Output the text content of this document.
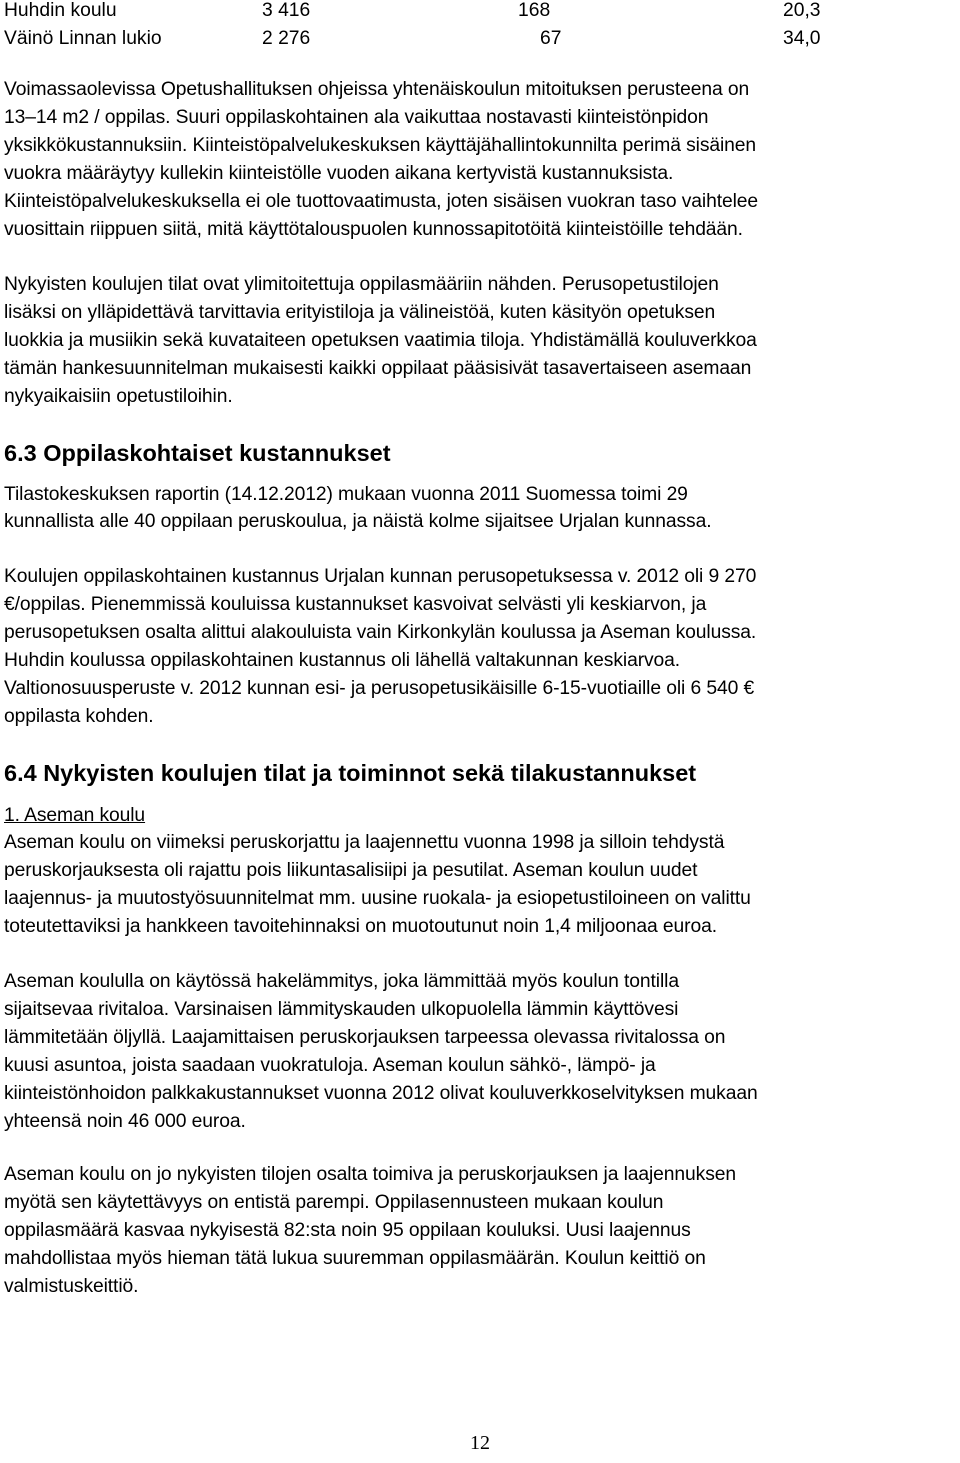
Huhdin koulu	3 416	168	20,3
Väinö Linnan lukio	2 276	67	34,0
Voimassaolevissa Opetushallituksen ohjeissa yhtenäiskoulun mitoituksen perusteena on
13–14 m2 / oppilas. Suuri oppilaskohtainen ala vaikuttaa nostavasti kiinteistönpidon
yksikkökustannuksiin. Kiinteistöpalvelukeskuksen käyttäjähallintokunnilta perimä sisäinen
vuokra määräytyy kullekin kiinteistölle vuoden aikana kertyvistä kustannuksista.
Kiinteistöpalvelukeskuksella ei ole tuottovaatimusta, joten sisäisen vuokran taso vaihtelee
vuosittain riippuen siitä, mitä käyttötalouspuolen kunnossapitotöitä kiinteistöille tehdään.
Nykyisten koulujen tilat ovat ylimitoitettuja oppilasmääriin nähden. Perusopetustilojen
lisäksi on ylläpidettävä tarvittavia erityistiloja ja välineistöä, kuten käsityön opetuksen
luokkia ja musiikin sekä kuvataiteen opetuksen vaatimia tiloja. Yhdistämällä kouluverkkoa
tämän hankesuunnitelman mukaisesti kaikki oppilaat pääsisivät tasavertaiseen asemaan
nykyaikaisiin opetustiloihin.
6.3 Oppilaskohtaiset kustannukset
Tilastokeskuksen raportin (14.12.2012) mukaan vuonna 2011 Suomessa toimi 29
kunnallista alle 40 oppilaan peruskoulua, ja näistä kolme sijaitsee Urjalan kunnassa.
Koulujen oppilaskohtainen kustannus Urjalan kunnan perusopetuksessa v. 2012 oli 9 270
€/oppilas. Pienemmissä kouluissa kustannukset kasvoivat selvästi yli keskiarvon, ja
perusopetuksen osalta alittui alakouluista vain Kirkonkylän koulussa ja Aseman koulussa.
Huhdin koulussa oppilaskohtainen kustannus oli lähellä valtakunnan keskiarvoa.
Valtionosuusperuste v. 2012 kunnan esi- ja perusopetusikäisille 6-15-vuotiaille oli 6 540 €
oppilasta kohden.
6.4 Nykyisten koulujen tilat ja toiminnot sekä tilakustannukset
1. Aseman koulu
Aseman koulu on viimeksi peruskorjattu ja laajennettu vuonna 1998 ja silloin tehdystä
peruskorjauksesta oli rajattu pois liikuntasalisiipi ja pesutilat. Aseman koulun uudet
laajennus- ja muutostyösuunnitelmat mm. uusine ruokala- ja esiopetustiloineen on valittu
toteutettaviksi ja hankkeen tavoitehinnaksi on muotoutunut noin 1,4 miljoonaa euroa.
Aseman koululla on käytössä hakelämmitys, joka lämmittää myös koulun tontilla
sijaitsevaa rivitaloa. Varsinaisen lämmityskauden ulkopuolella lämmin käyttövesi
lämmitetään öljyllä. Laajamittaisen peruskorjauksen tarpeessa olevassa rivitalossa on
kuusi asuntoa, joista saadaan vuokratuloja. Aseman koulun sähkö-, lämpö- ja
kiinteistönhoidon palkkakustannukset vuonna 2012 olivat kouluverkkoselvityksen mukaan
yhteensä noin 46 000 euroa.
Aseman koulu on jo nykyisten tilojen osalta toimiva ja peruskorjauksen ja laajennuksen
myötä sen käytettävyys on entistä parempi. Oppilasennusteen mukaan koulun
oppilasmäärä kasvaa nykyisestä 82:sta noin 95 oppilaan kouluksi. Uusi laajennus
mahdollistaa myös hieman tätä lukua suuremman oppilasmäärän. Koulun keittiö on
valmistuskeittiö.
12
